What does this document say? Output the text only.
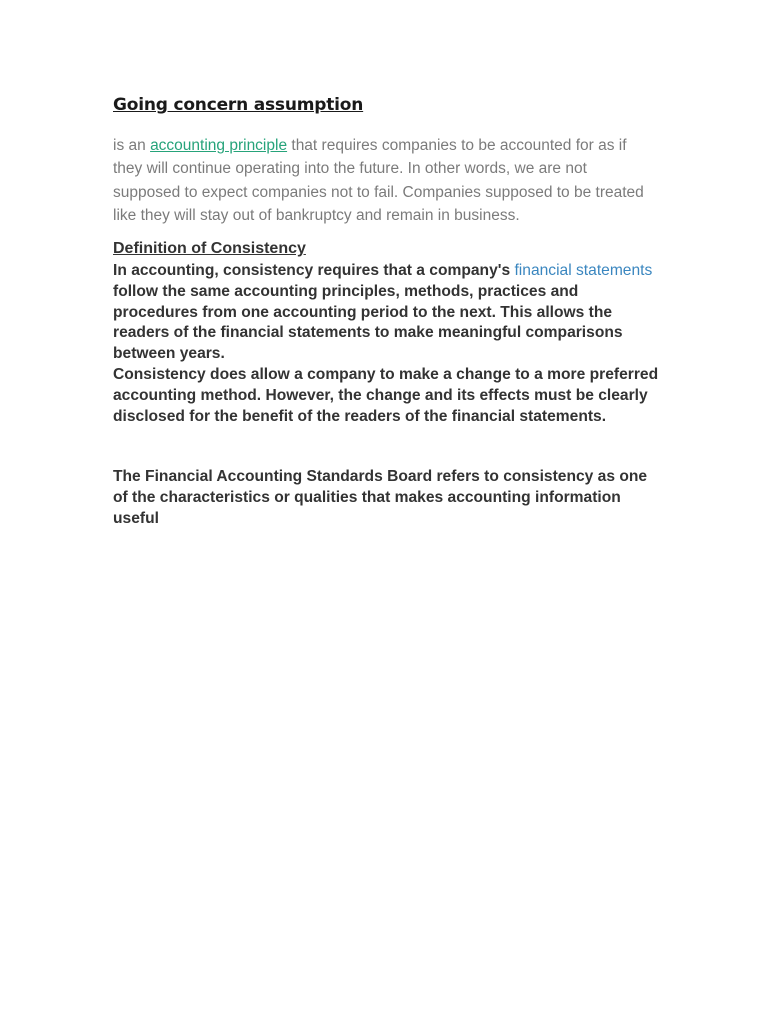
Going concern assumption

is an accounting principle that requires companies to be accounted for as if they will continue operating into the future. In other words, we are not supposed to expect companies not to fail. Companies supposed to be treated like they will stay out of bankruptcy and remain in business.

Definition of Consistency

In accounting, consistency requires that a company's financial statements follow the same accounting principles, methods, practices and procedures from one accounting period to the next. This allows the readers of the financial statements to make meaningful comparisons between years.

Consistency does allow a company to make a change to a more preferred accounting method. However, the change and its effects must be clearly disclosed for the benefit of the readers of the financial statements.

The Financial Accounting Standards Board refers to consistency as one of the characteristics or qualities that makes accounting information useful
